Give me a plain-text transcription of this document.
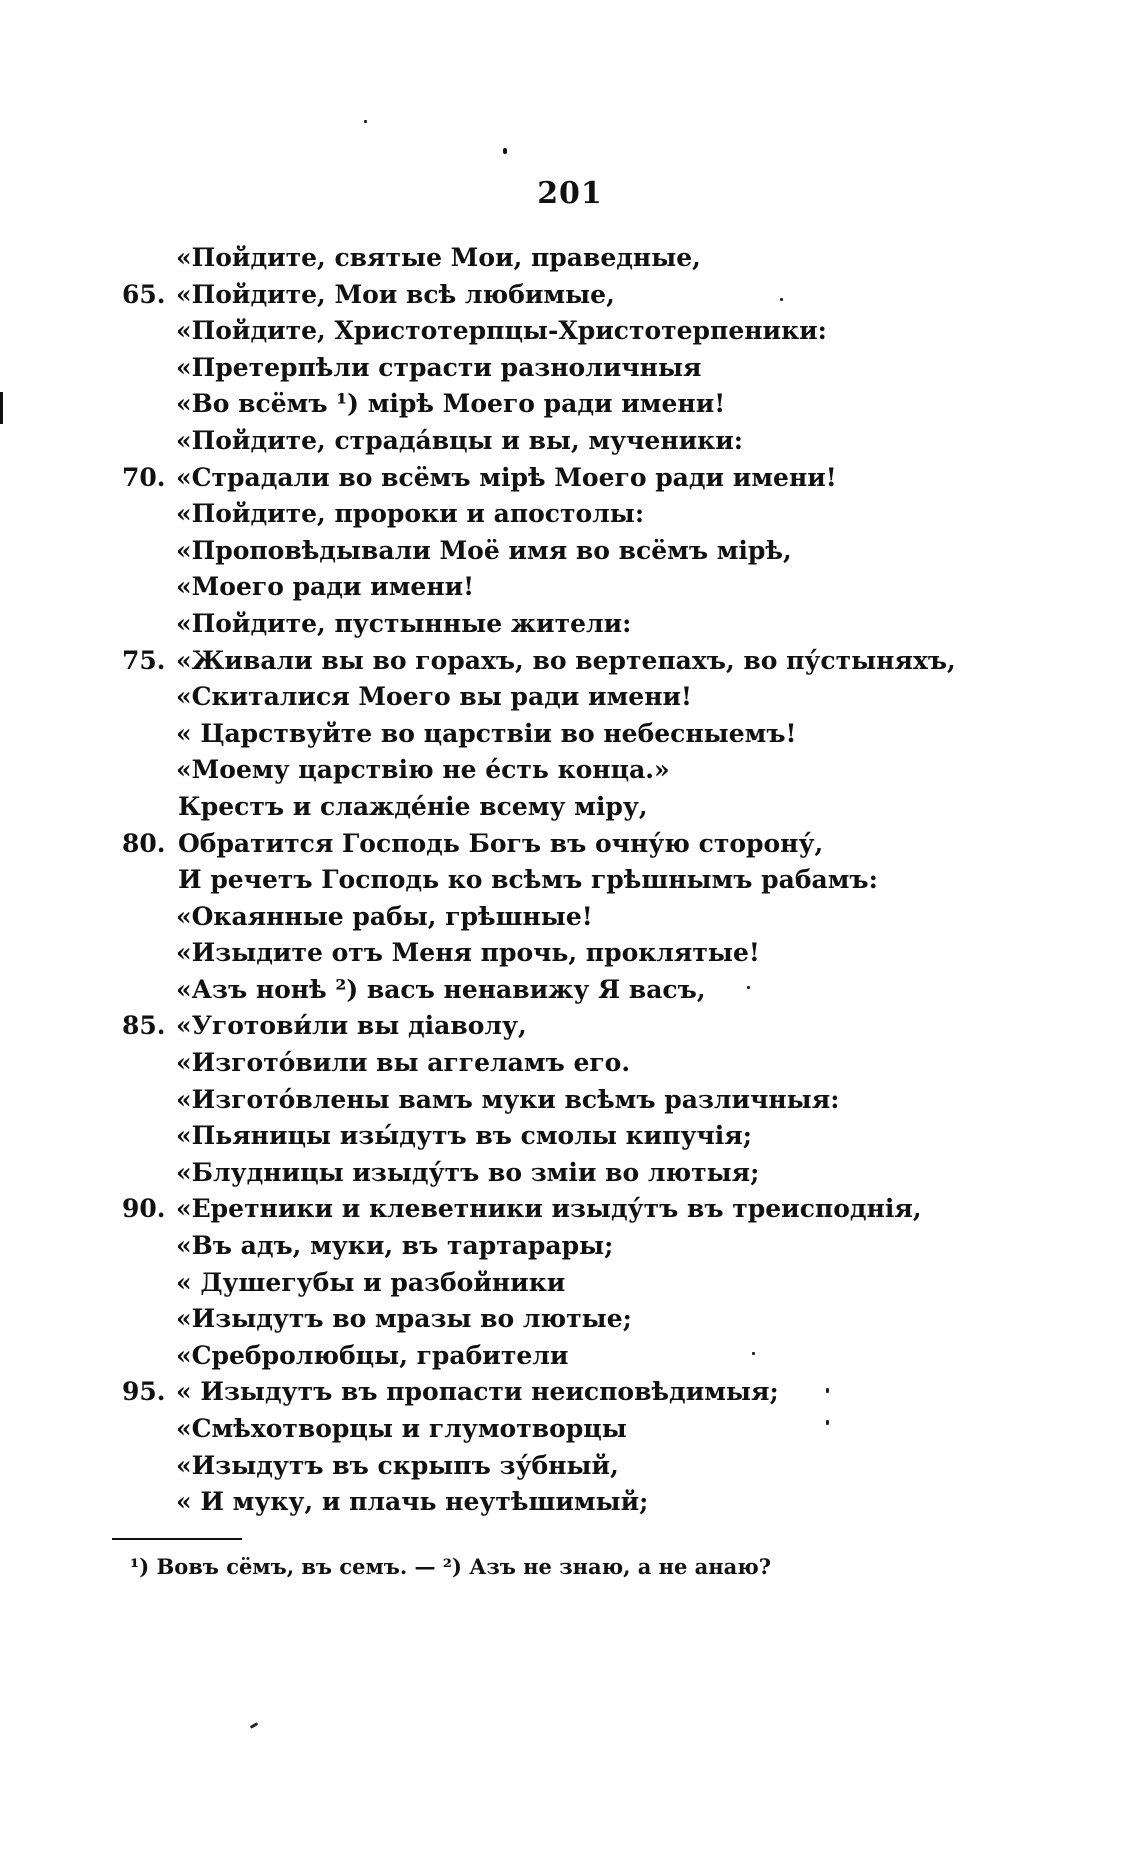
201
«Пойдите, святые Мои, праведные,
65. «Пойдите, Мои всѣ любимые,
«Пойдите, Христотерпцы-Христотерпеники:
«Претерпѣли страсти разноличныя
«Во всёмъ ¹) мірѣ Моего ради имени!
«Пойдите, страда́вцы и вы, мученики:
70. «Страдали во всёмъ мірѣ Моего ради имени!
«Пойдите, пророки и апостолы:
«Проповѣдывали Моё имя во всёмъ мірѣ,
«Моего ради имени!
«Пойдите, пустынные жители:
75. «Живали вы во горахъ, во вертепахъ, во пу́стыняхъ,
«Скиталися Моего вы ради имени!
« Царствуйте во царствіи во небесныемъ!
«Моему царствію не е́сть конца.»
Крестъ и слажде́ніе всему міру,
80. Обратится Господь Богъ въ очну́ю сторону́,
И речетъ Господь ко всѣмъ грѣшнымъ рабамъ:
«Окаянные рабы, грѣшные!
«Изыдите отъ Меня прочь, проклятые!
«Азъ нонѣ ²) васъ ненавижу Я васъ,
85. «Уготови́ли вы діаволу,
«Изгото́вили вы аггеламъ его.
«Изгото́влены вамъ муки всѣмъ различныя:
«Пьяницы изы́дутъ въ смолы кипучія;
«Блудницы изыду́тъ во зміи во лютыя;
90. «Еретники и клеветники изыду́тъ въ треисподнія,
«Въ адъ, муки, въ тартарары;
« Душегубы и разбойники
«Изыдутъ во мразы во лютые;
«Сребролюбцы, грабители
95. « Изыдутъ въ пропасти неисповѣдимыя;
«Смѣхотворцы и глумотворцы
«Изыдутъ въ скрыпъ зу́бный,
« И муку, и плачь неутѣшимый;
¹) Вовъ сёмъ, въ семъ. — ²) Азъ не знаю, а не анаю?
